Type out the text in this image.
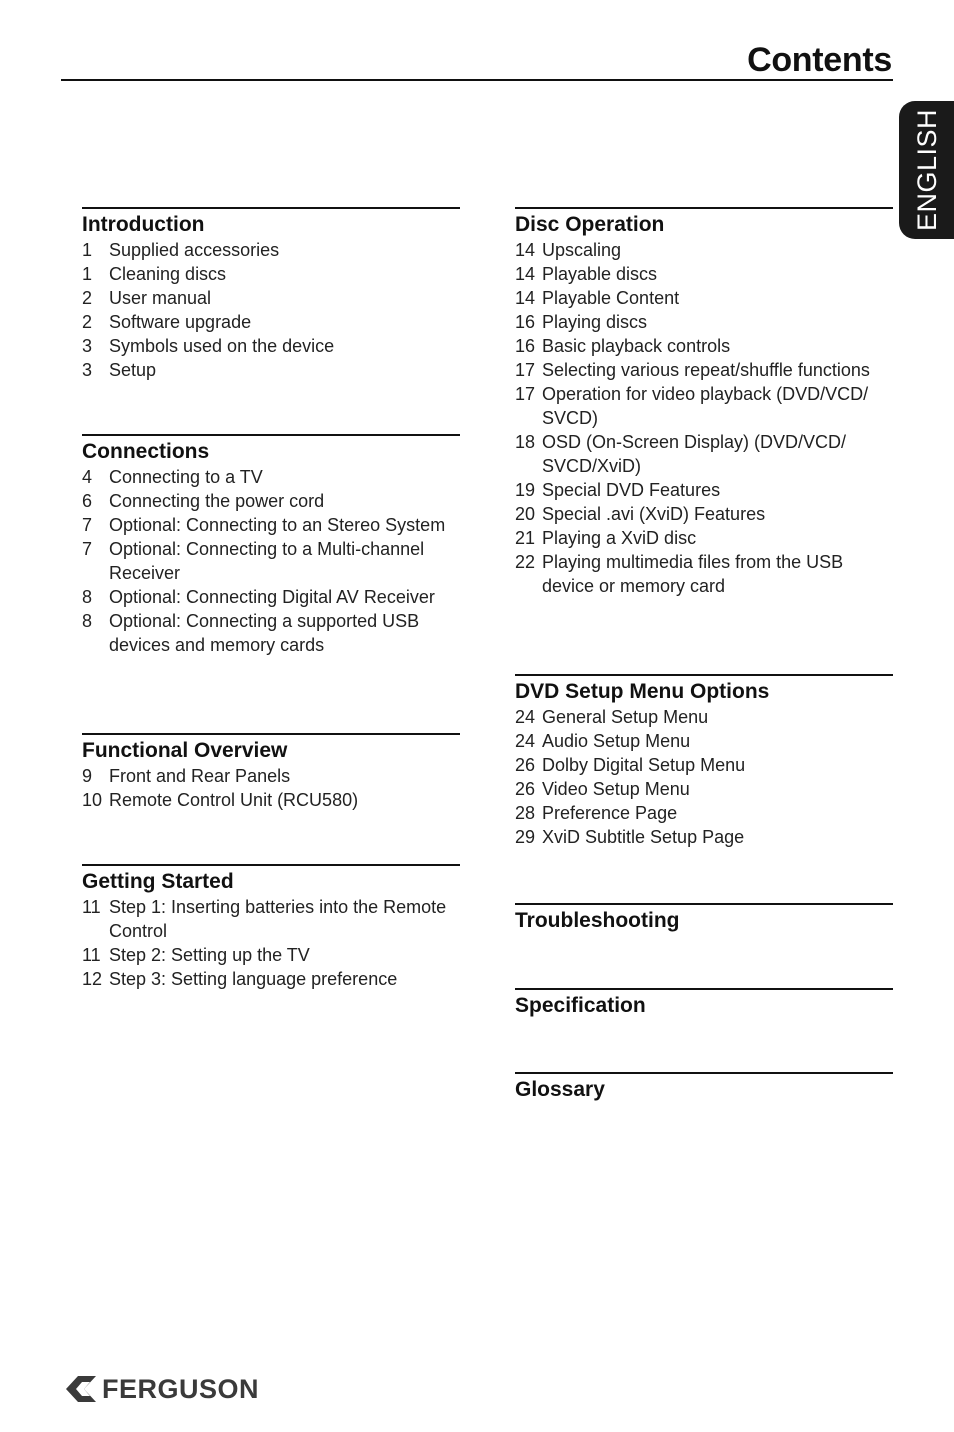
Contents
ENGLISH
Introduction
1 Supplied accessories
1 Cleaning discs
2 User manual
2 Software upgrade
3 Symbols used on the device
3 Setup
Connections
4 Connecting to a TV
6 Connecting the power cord
7 Optional: Connecting to an Stereo System
7 Optional: Connecting to a Multi-channel Receiver
8 Optional: Connecting Digital AV Receiver
8 Optional: Connecting a supported USB devices and memory cards
Functional Overview
9 Front and Rear Panels
10 Remote Control Unit (RCU580)
Getting Started
11 Step 1: Inserting batteries into the Remote Control
11 Step 2: Setting up the TV
12 Step 3: Setting language preference
Disc Operation
14 Upscaling
14 Playable discs
14 Playable Content
16 Playing discs
16 Basic playback controls
17 Selecting various repeat/shuffle functions
17 Operation for video playback (DVD/VCD/ SVCD)
18 OSD (On-Screen Display) (DVD/VCD/ SVCD/XviD)
19 Special DVD Features
20 Special .avi (XviD) Features
21 Playing a XviD disc
22 Playing multimedia files from the USB device or memory card
DVD Setup Menu Options
24 General Setup Menu
24 Audio Setup Menu
26 Dolby Digital Setup Menu
26 Video Setup Menu
28 Preference Page
29 XviD Subtitle Setup Page
Troubleshooting
Specification
Glossary
FERGUSON
